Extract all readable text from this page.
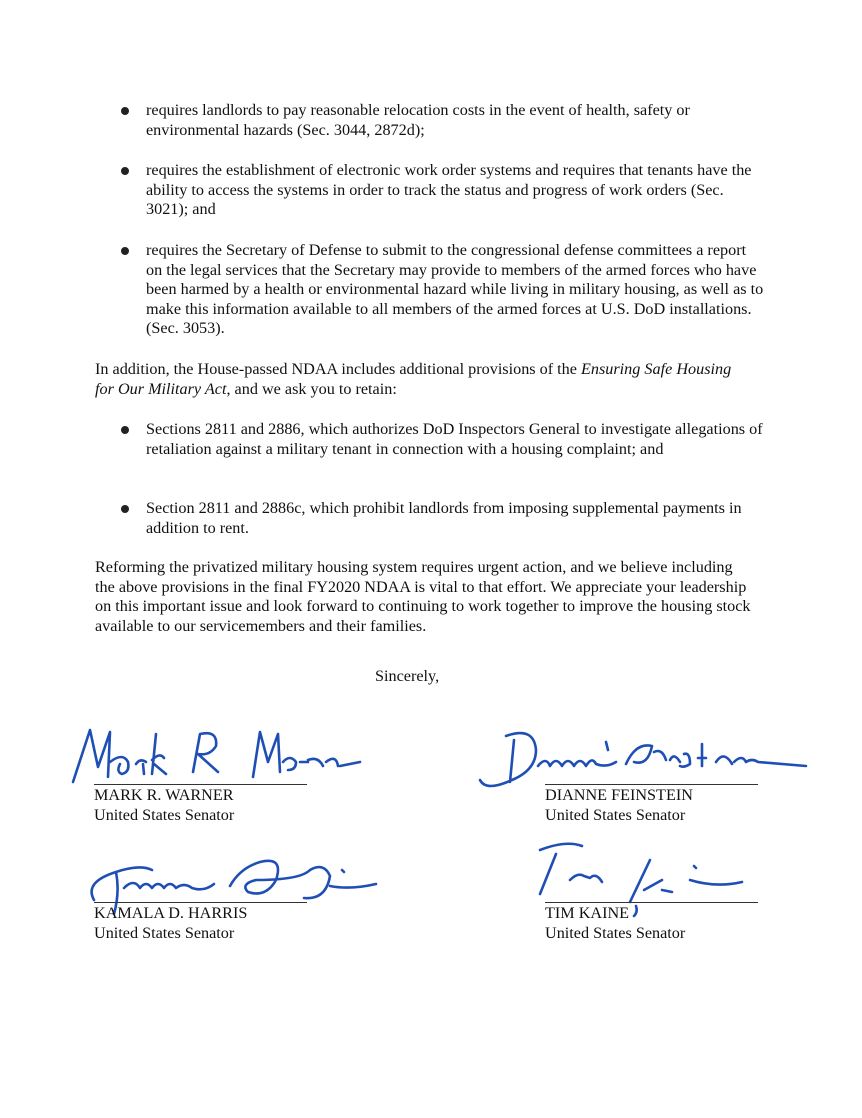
requires landlords to pay reasonable relocation costs in the event of health, safety or environmental hazards (Sec. 3044, 2872d);
requires the establishment of electronic work order systems and requires that tenants have the ability to access the systems in order to track the status and progress of work orders (Sec. 3021); and
requires the Secretary of Defense to submit to the congressional defense committees a report on the legal services that the Secretary may provide to members of the armed forces who have been harmed by a health or environmental hazard while living in military housing, as well as to make this information available to all members of the armed forces at U.S. DoD installations. (Sec. 3053).
In addition, the House-passed NDAA includes additional provisions of the Ensuring Safe Housing for Our Military Act, and we ask you to retain:
Sections 2811 and 2886, which authorizes DoD Inspectors General to investigate allegations of retaliation against a military tenant in connection with a housing complaint; and
Section 2811 and 2886c, which prohibit landlords from imposing supplemental payments in addition to rent.
Reforming the privatized military housing system requires urgent action, and we believe including the above provisions in the final FY2020 NDAA is vital to that effort. We appreciate your leadership on this important issue and look forward to continuing to work together to improve the housing stock available to our servicemembers and their families.
Sincerely,
MARK R. WARNER
United States Senator
DIANNE FEINSTEIN
United States Senator
KAMALA D. HARRIS
United States Senator
TIM KAINE
United States Senator
